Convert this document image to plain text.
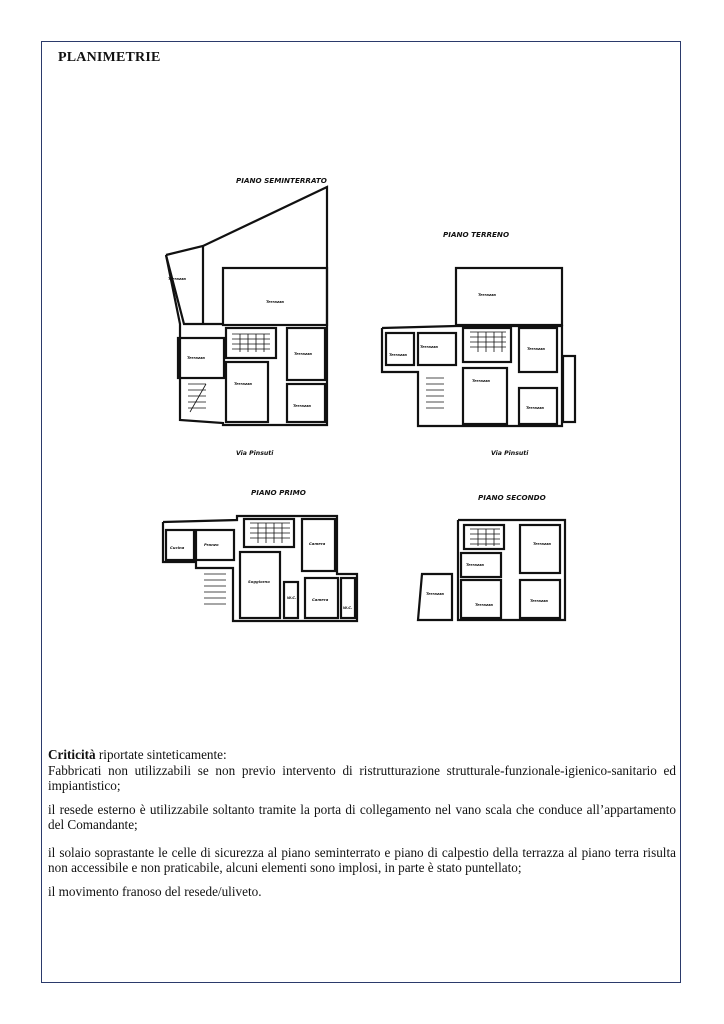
PLANIMETRIE
PIANO SEMINTERRATO
Terrazza
Terrazza
Terrazza
Terrazza
Terrazza
Terrazza
Via Pinsuti
PIANO TERRENO
Terrazza
Terrazza
Terrazza	Terrazza
Terrazza
Terrazza
Via Pinsuti
PIANO PRIMO
Cucina
Pranzo	Camera
Soggiorno
W.C.	Camera
W.C.
PIANO SECONDO
Terrazza
Terrazza
Terrazza
Terrazza
Terrazza

Criticità riportate sinteticamente:

Fabbricati non utilizzabili se non previo intervento di ristrutturazione strutturale-funzionale-igienico-sanitario ed impiantistico;

il resede esterno è utilizzabile soltanto tramite la porta di collegamento nel vano scala che conduce all’appartamento del Comandante;

il solaio soprastante le celle di sicurezza al piano seminterrato e piano di calpestio della terrazza al piano terra risulta non accessibile e non praticabile, alcuni elementi sono implosi, in parte è stato puntellato;

il movimento franoso del resede/uliveto.
